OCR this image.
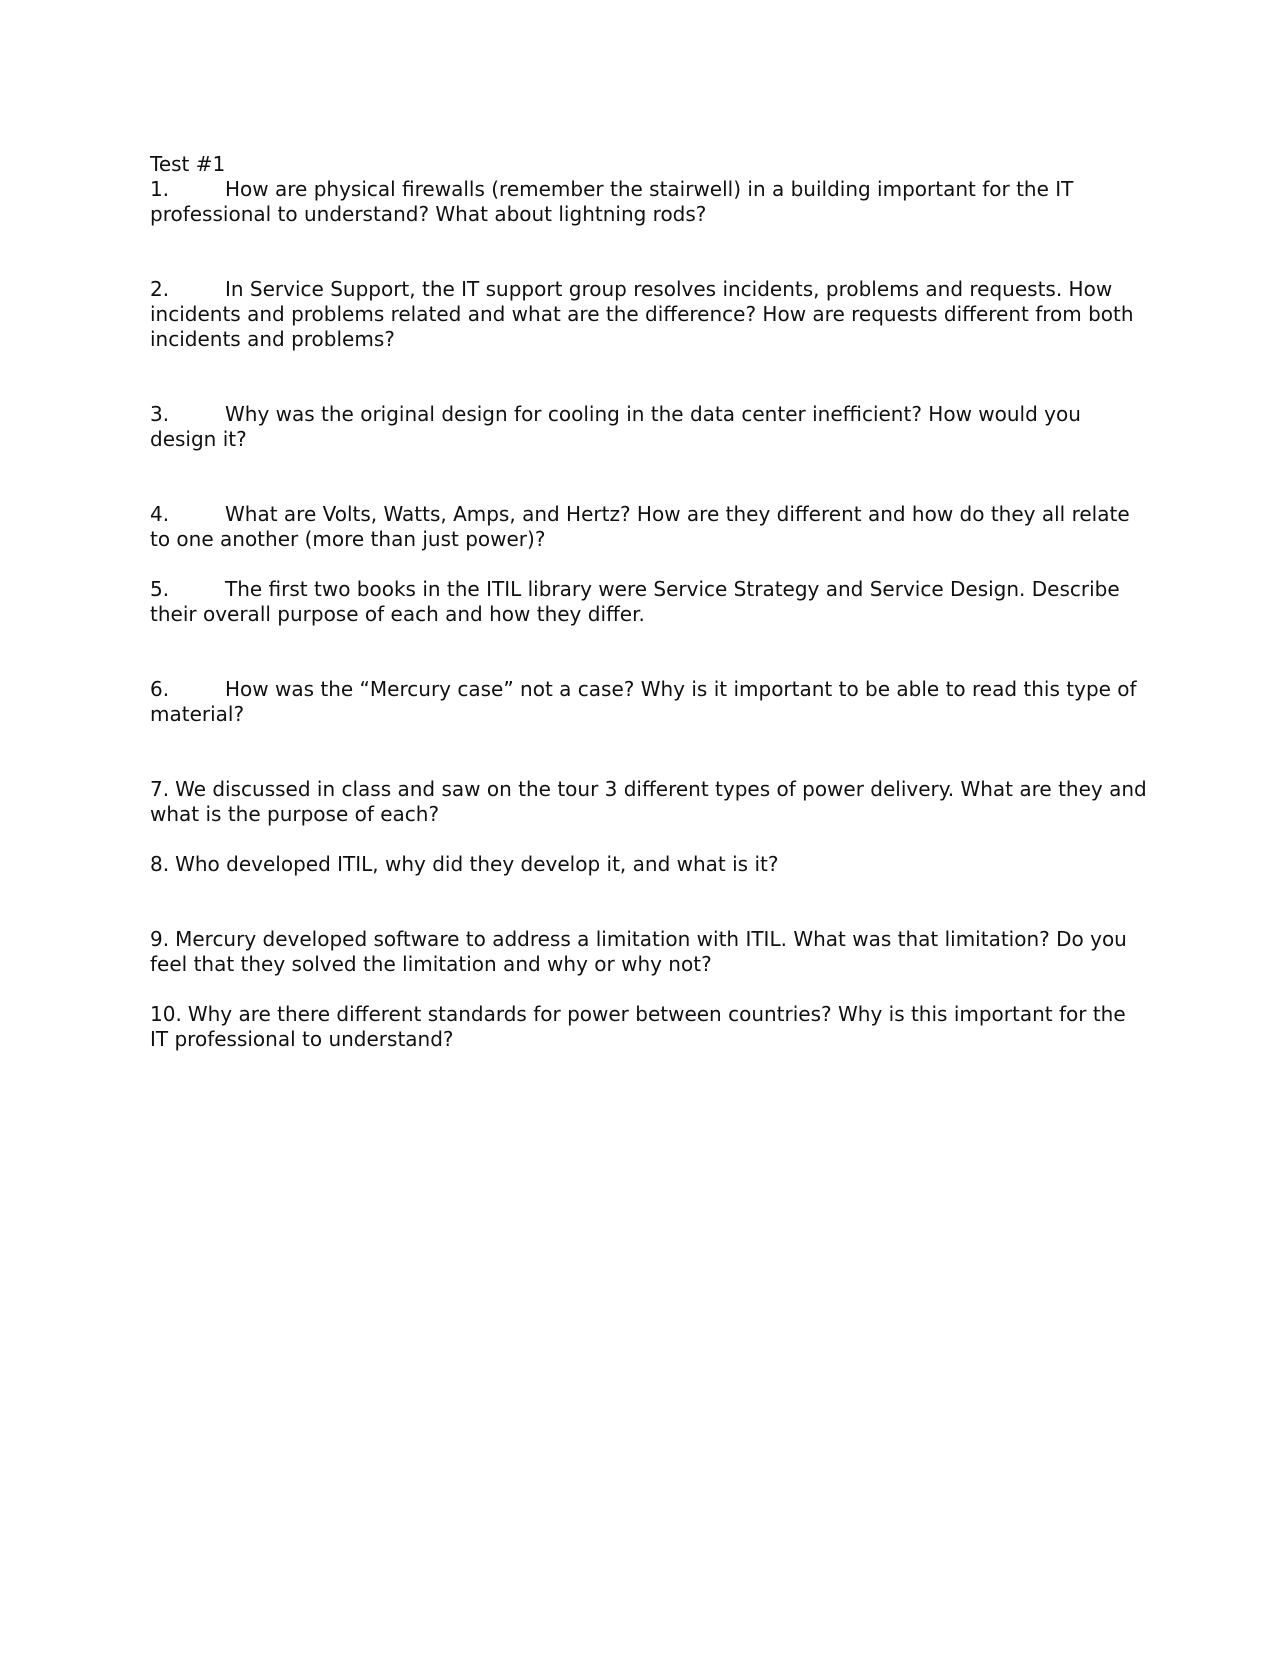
Test #1
1.	How are physical firewalls (remember the stairwell) in a building important for the IT professional to understand? What about lightning rods?
2.	In Service Support, the IT support group resolves incidents, problems and requests. How incidents and problems related and what are the difference? How are requests different from both incidents and problems?
3.	Why was the original design for cooling in the data center inefficient? How would you design it?
4.	What are Volts, Watts, Amps, and Hertz? How are they different and how do they all relate to one another (more than just power)?
5.	The first two books in the ITIL library were Service Strategy and Service Design. Describe their overall purpose of each and how they differ.
6.	How was the “Mercury case” not a case? Why is it important to be able to read this type of material?
7. We discussed in class and saw on the tour 3 different types of power delivery. What are they and what is the purpose of each?
8. Who developed ITIL, why did they develop it, and what is it?
9. Mercury developed software to address a limitation with ITIL. What was that limitation? Do you feel that they solved the limitation and why or why not?
10. Why are there different standards for power between countries? Why is this important for the IT professional to understand?
